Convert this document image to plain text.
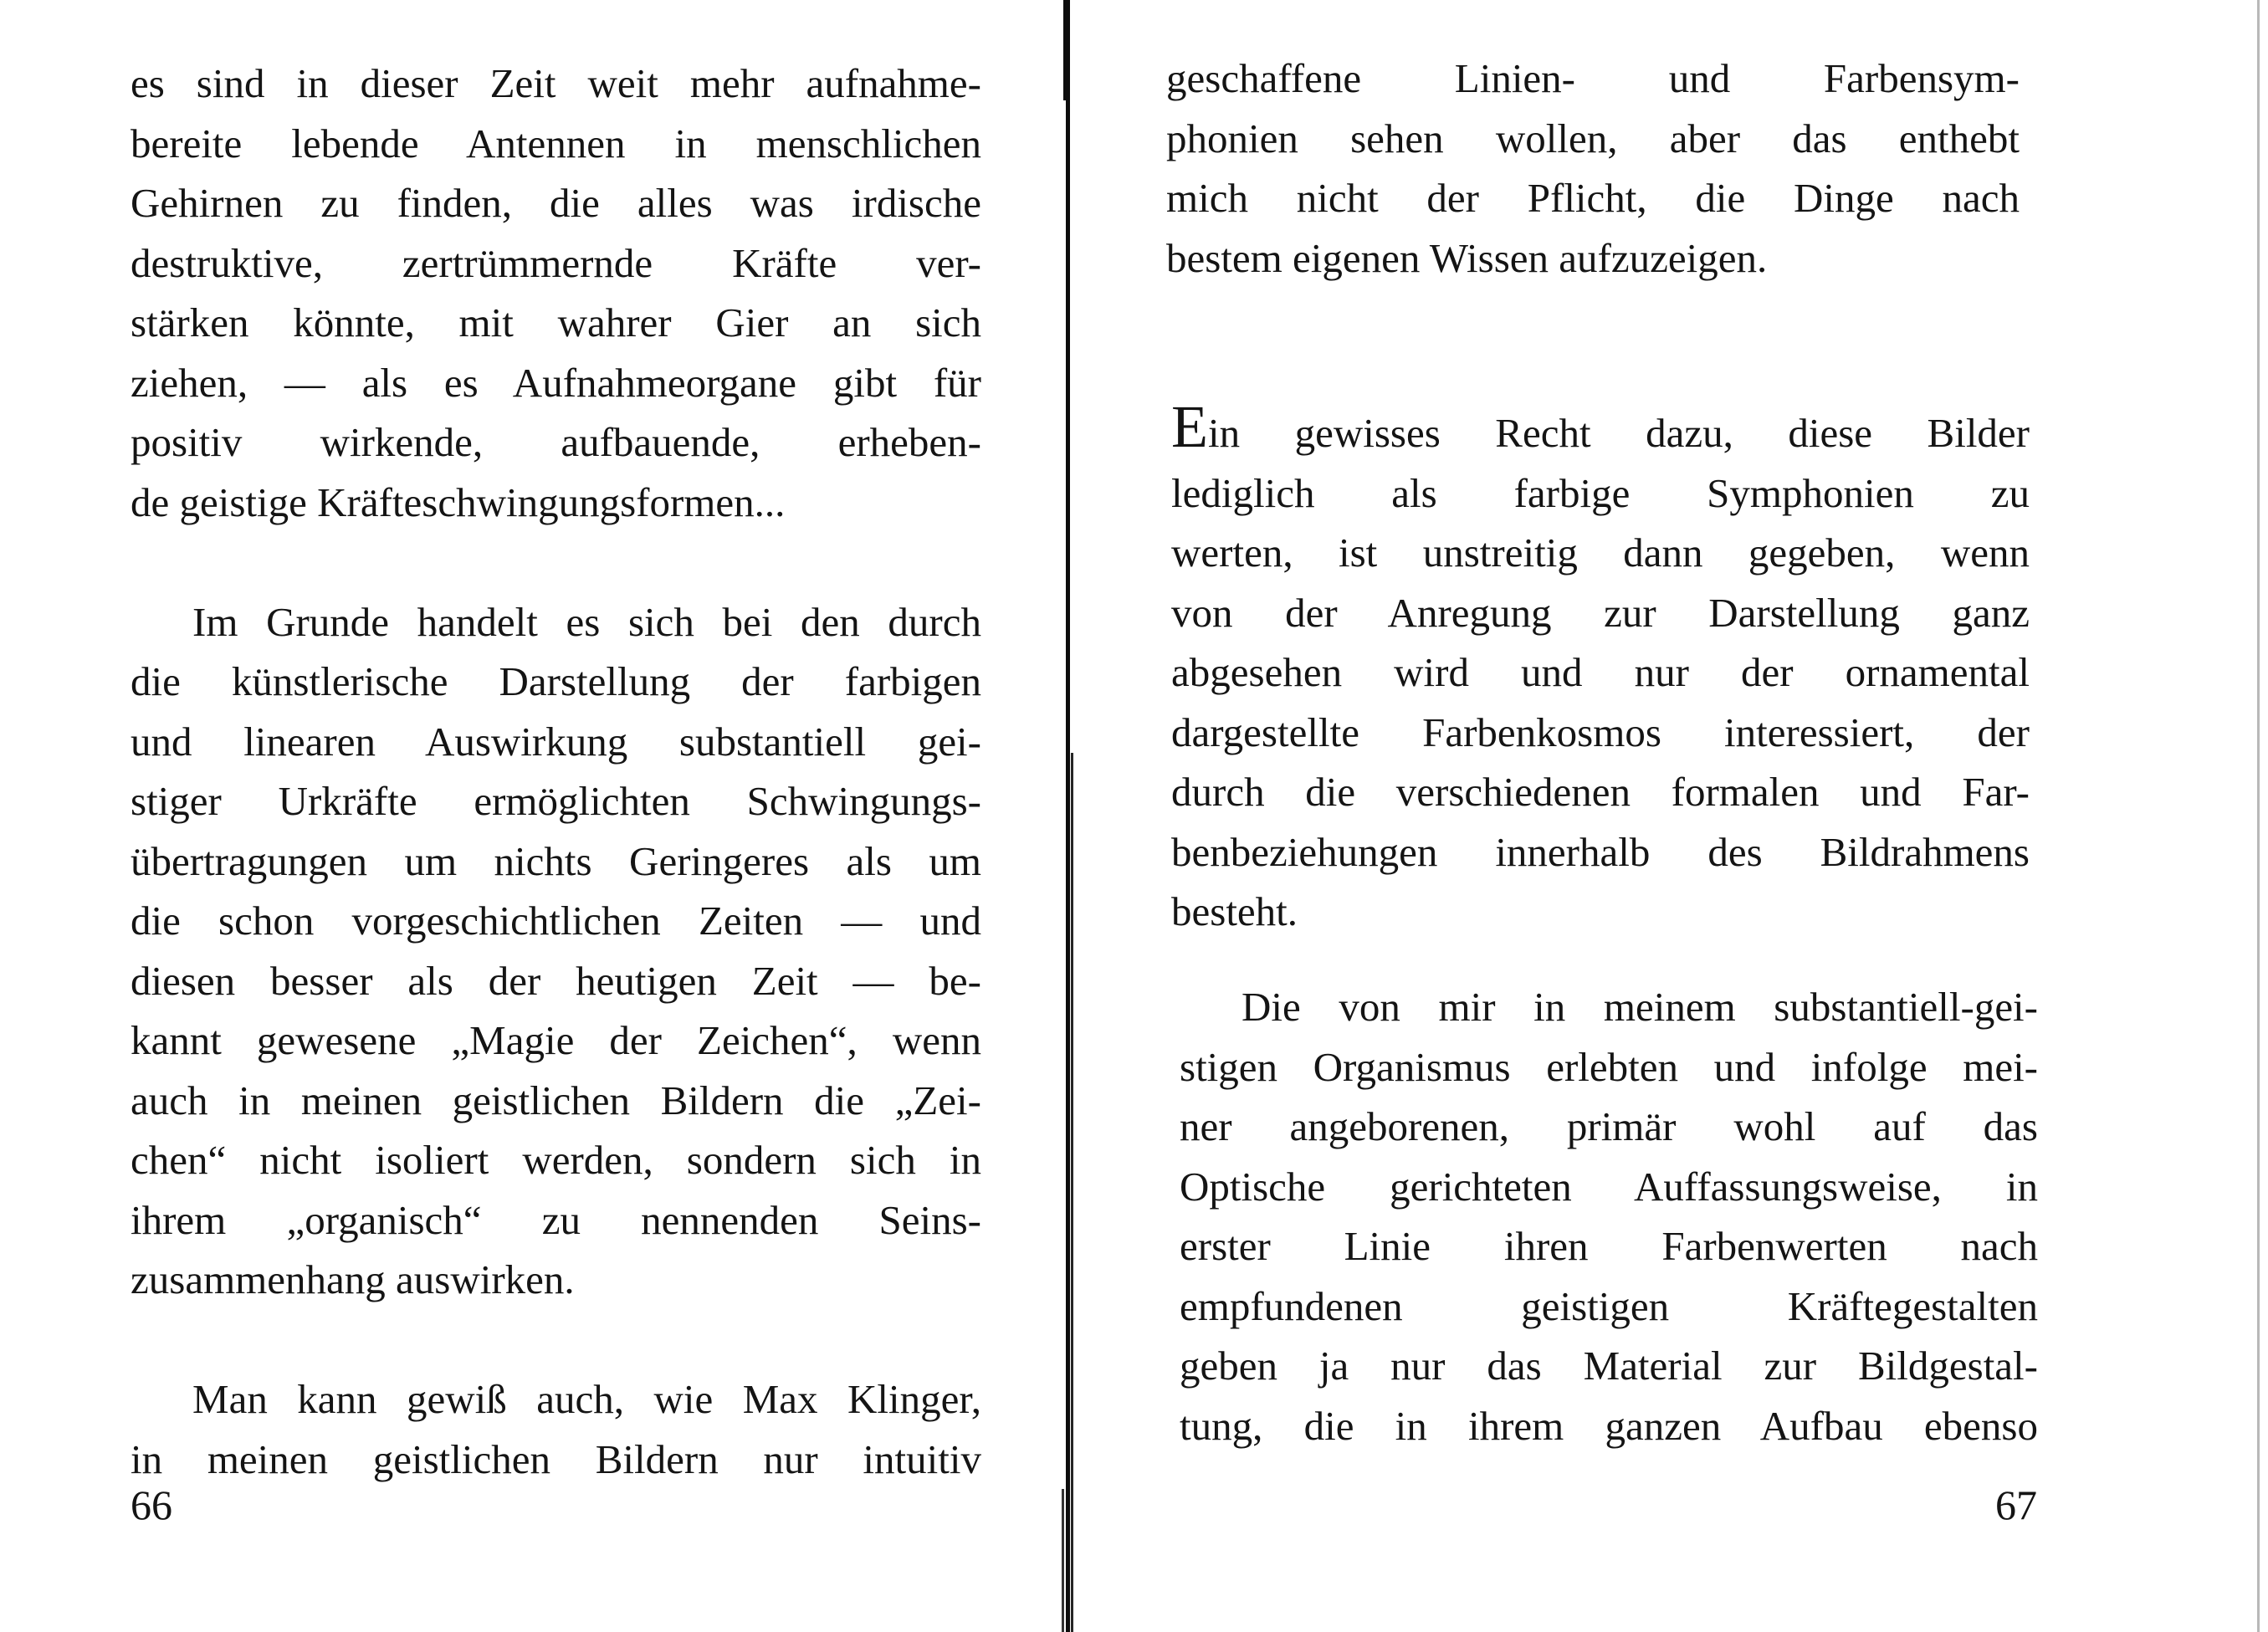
es sind in dieser Zeit weit mehr aufnahme-
bereite lebende Antennen in menschlichen
Gehirnen zu finden, die alles was irdische
destruktive, zertrümmernde Kräfte ver-
stärken könnte, mit wahrer Gier an sich
ziehen, — als es Aufnahmeorgane gibt für
positiv wirkende, aufbauende, erheben-
de geistige Kräfteschwingungsformen...
Im Grunde handelt es sich bei den durch
die künstlerische Darstellung der farbigen
und linearen Auswirkung substantiell gei-
stiger Urkräfte ermöglichten Schwingungs-
übertragungen um nichts Geringeres als um
die schon vorgeschichtlichen Zeiten — und
diesen besser als der heutigen Zeit — be-
kannt gewesene „Magie der Zeichen“, wenn
auch in meinen geistlichen Bildern die „Zei-
chen“ nicht isoliert werden, sondern sich in
ihrem „organisch“ zu nennenden Seins-
zusammenhang auswirken.
Man kann gewiß auch, wie Max Klinger,
in meinen geistlichen Bildern nur intuitiv
66
geschaffene Linien- und Farbensym-
phonien sehen wollen, aber das enthebt
mich nicht der Pflicht, die Dinge nach
bestem eigenen Wissen aufzuzeigen.
Ein gewisses Recht dazu, diese Bilder
lediglich als farbige Symphonien zu
werten, ist unstreitig dann gegeben, wenn
von der Anregung zur Darstellung ganz
abgesehen wird und nur der ornamental
dargestellte Farbenkosmos interessiert, der
durch die verschiedenen formalen und Far-
benbeziehungen innerhalb des Bildrahmens
besteht.
Die von mir in meinem substantiell-gei-
stigen Organismus erlebten und infolge mei-
ner angeborenen, primär wohl auf das
Optische gerichteten Auffassungsweise, in
erster Linie ihren Farbenwerten nach
empfundenen geistigen Kräftegestalten
geben ja nur das Material zur Bildgestal-
tung, die in ihrem ganzen Aufbau ebenso
67
